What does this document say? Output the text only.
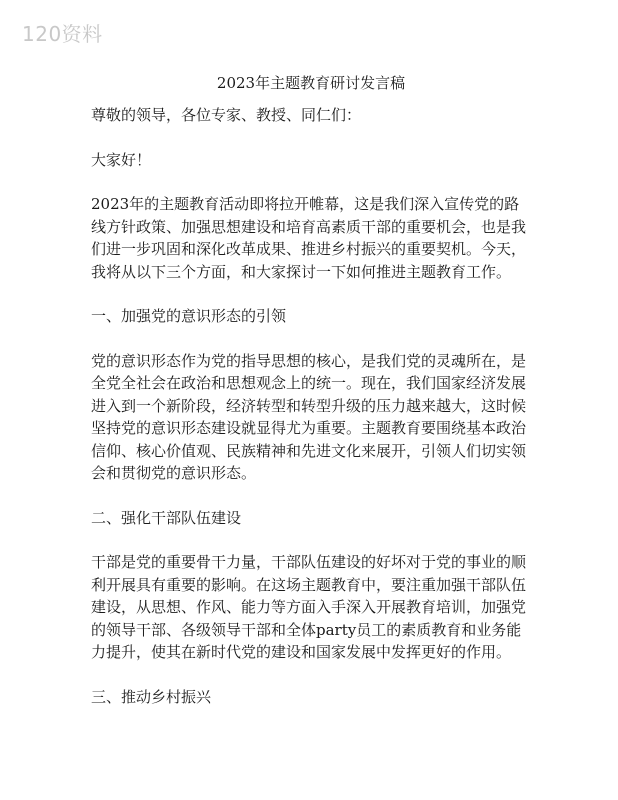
120资料
2023年主题教育研讨发言稿

尊敬的领导，各位专家、教授、同仁们：

大家好！

2023年的主题教育活动即将拉开帷幕，这是我们深入宣传党的路线方针政策、加强思想建设和培育高素质干部的重要机会，也是我们进一步巩固和深化改革成果、推进乡村振兴的重要契机。今天，我将从以下三个方面，和大家探讨一下如何推进主题教育工作。

一、加强党的意识形态的引领

党的意识形态作为党的指导思想的核心，是我们党的灵魂所在，是全党全社会在政治和思想观念上的统一。现在，我们国家经济发展进入到一个新阶段，经济转型和转型升级的压力越来越大，这时候坚持党的意识形态建设就显得尤为重要。主题教育要围绕基本政治信仰、核心价值观、民族精神和先进文化来展开，引领人们切实领会和贯彻党的意识形态。

二、强化干部队伍建设

干部是党的重要骨干力量，干部队伍建设的好坏对于党的事业的顺利开展具有重要的影响。在这场主题教育中，要注重加强干部队伍建设，从思想、作风、能力等方面入手深入开展教育培训，加强党的领导干部、各级领导干部和全体party员工的素质教育和业务能力提升，使其在新时代党的建设和国家发展中发挥更好的作用。

三、推动乡村振兴
